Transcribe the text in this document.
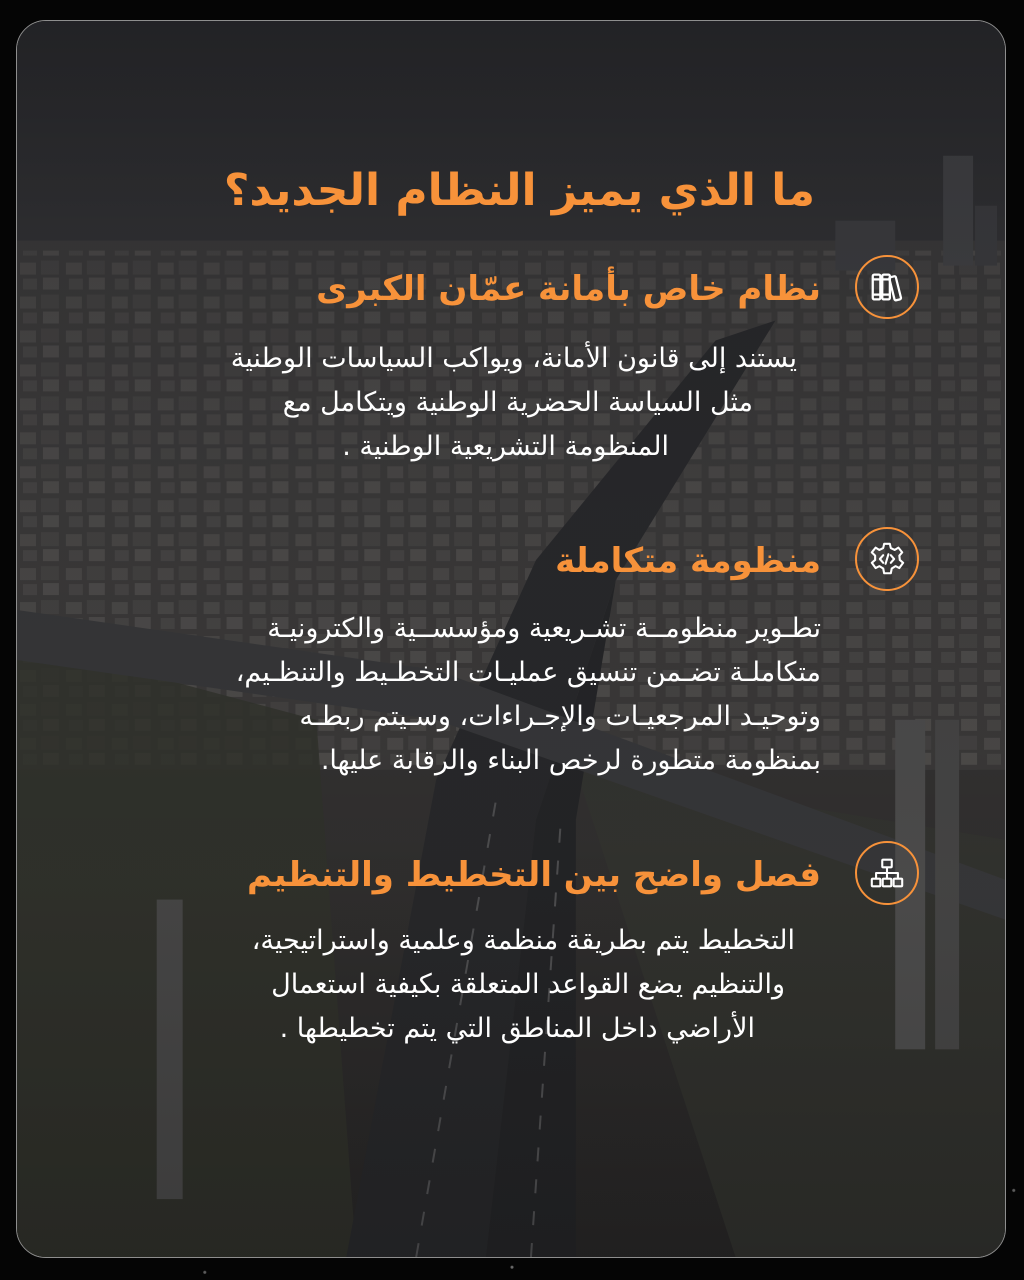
ما الذي يميز النظام الجديد؟
نظام خاص بأمانة عمّان الكبرى

يستند إلى قانون الأمانة، ويواكب السياسات الوطنية
مثل السياسة الحضرية الوطنية ويتكامل مع
المنظومة التشريعية الوطنية .

منظومة متكاملة

تطـوير منظومــة تشـريعية ومؤسســية والكترونيـة
متكاملـة تضـمن تنسيق عمليـات التخطـيط والتنظـيم،
وتوحيـد المرجعيـات والإجـراءات، وسـيتم ربطـه
بمنظومة متطورة لرخص البناء والرقابة عليها.

فصل واضح بين التخطيط والتنظيم

التخطيط يتم بطريقة منظمة وعلمية واستراتيجية،
والتنظيم يضع القواعد المتعلقة بكيفية استعمال
الأراضي داخل المناطق التي يتم تخطيطها .
